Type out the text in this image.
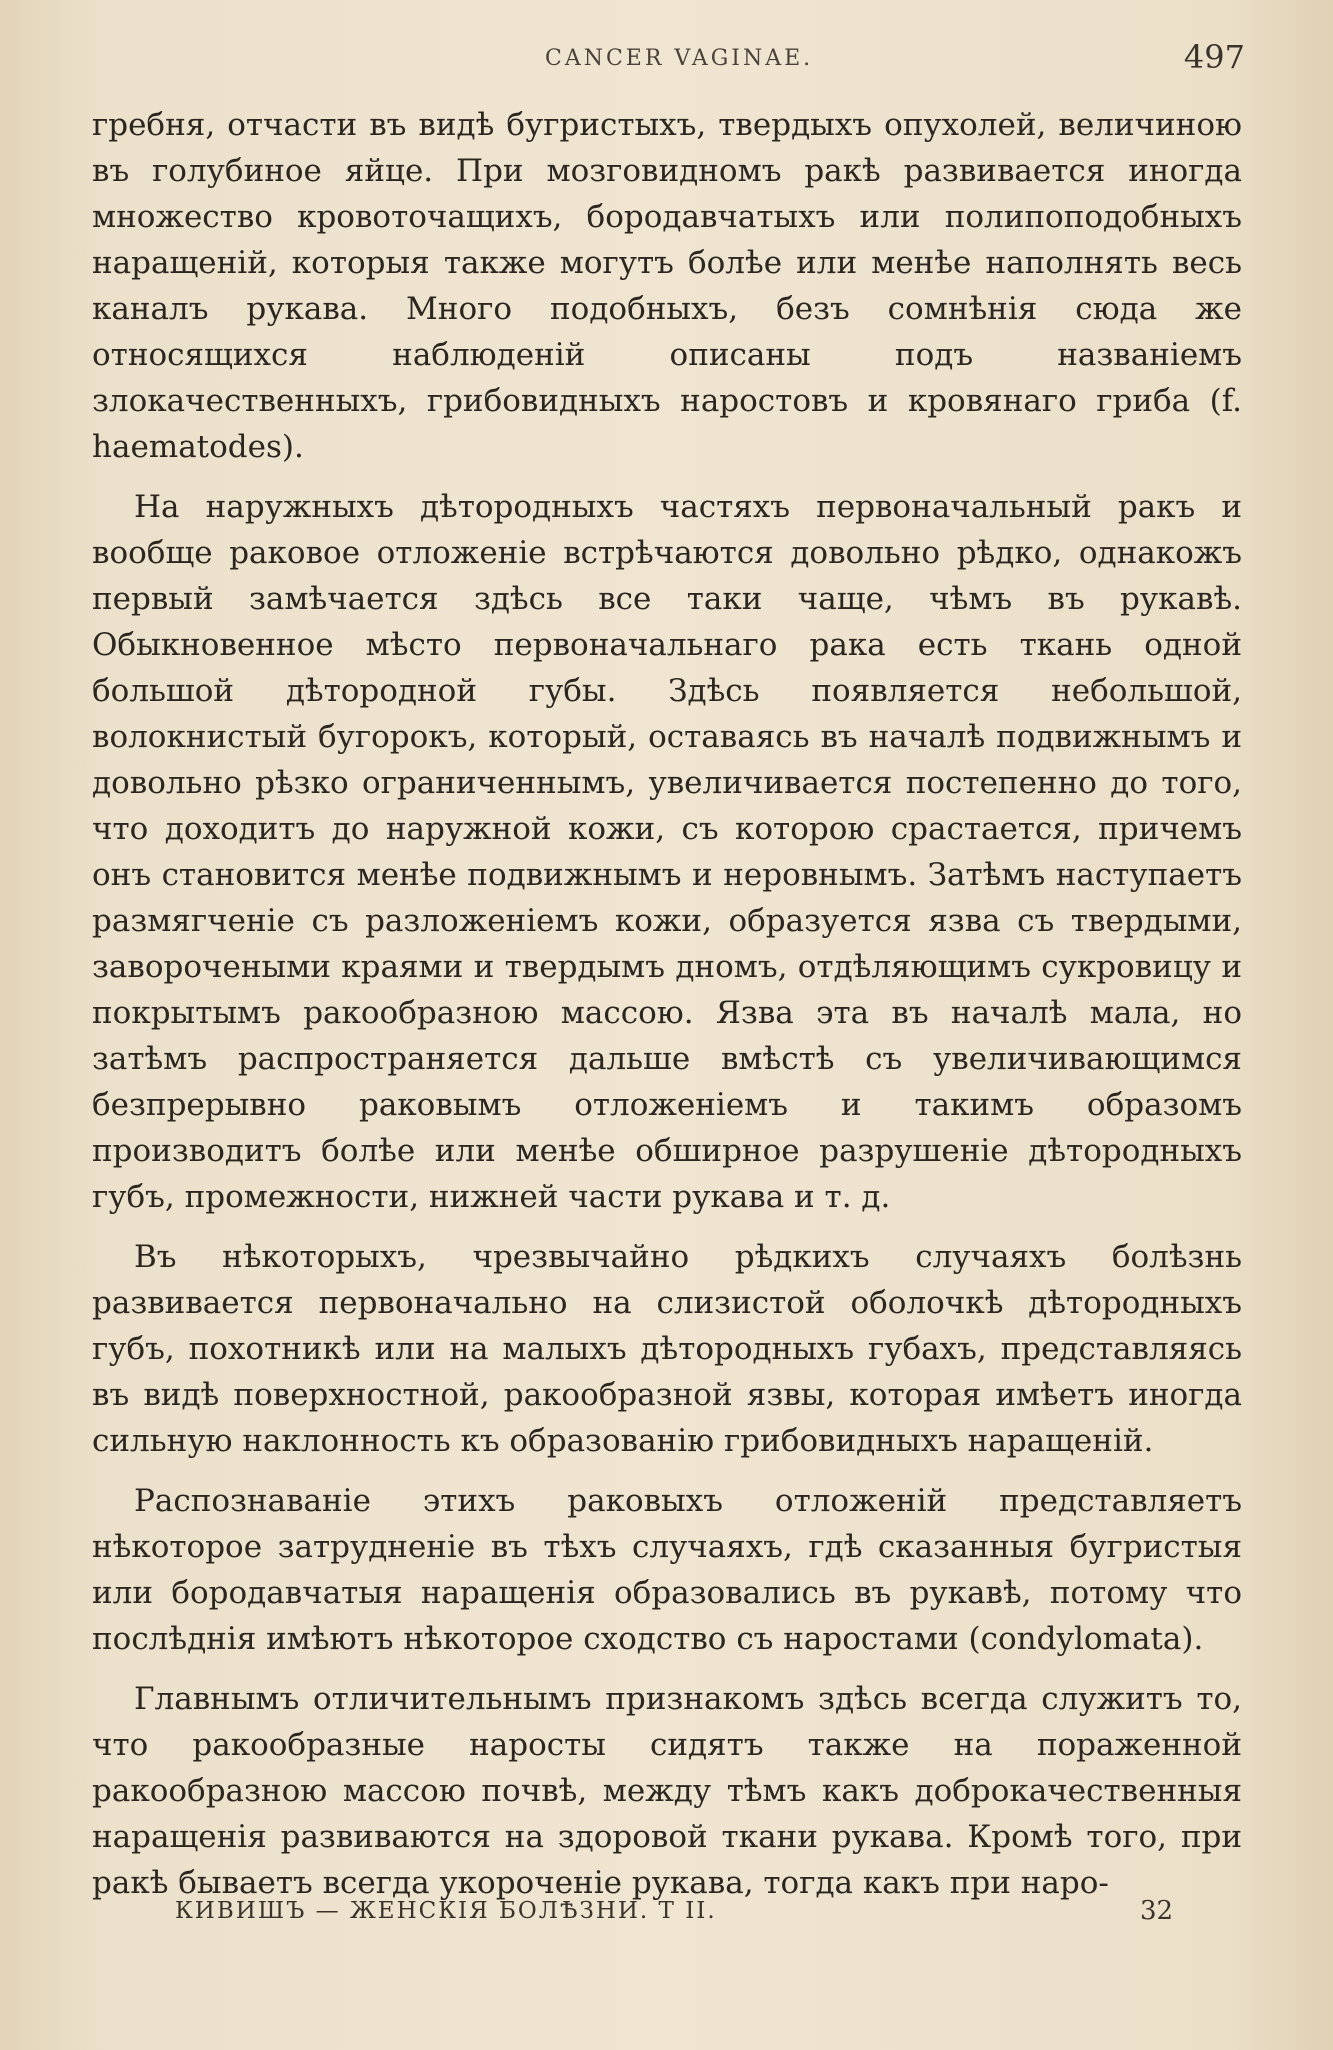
CANCER VAGINAE.	497

гребня, отчасти въ видѣ бугристыхъ, твердыхъ опухолей, величиною въ голубиное яйце. При мозговидномъ ракѣ развивается иногда множество кровоточащихъ, бородавчатыхъ или полипоподобныхъ наращеній, которыя также могутъ болѣе или менѣе наполнять весь каналъ рукава. Много подобныхъ, безъ сомнѣнія сюда же относящихся наблюденій описаны подъ названіемъ злокачественныхъ, грибовидныхъ наростовъ и кровянаго гриба (f. haematodes).

На наружныхъ дѣтородныхъ частяхъ первоначальный ракъ и вообще раковое отложеніе встрѣчаются довольно рѣдко, однакожъ первый замѣчается здѣсь все таки чаще, чѣмъ въ рукавѣ. Обыкновенное мѣсто первоначальнаго рака есть ткань одной большой дѣтородной губы. Здѣсь появляется небольшой, волокнистый бугорокъ, который, оставаясь въ началѣ подвижнымъ и довольно рѣзко ограниченнымъ, увеличивается постепенно до того, что доходитъ до наружной кожи, съ которою срастается, причемъ онъ становится менѣе подвижнымъ и неровнымъ. Затѣмъ наступаетъ размягченіе съ разложеніемъ кожи, образуется язва съ твердыми, заворочеными краями и твердымъ дномъ, отдѣляющимъ сукровицу и покрытымъ ракообразною массою. Язва эта въ началѣ мала, но затѣмъ распространяется дальше вмѣстѣ съ увеличивающимся безпрерывно раковымъ отложеніемъ и такимъ образомъ производитъ болѣе или менѣе обширное разрушеніе дѣтородныхъ губъ, промежности, нижней части рукава и т. д.

Въ нѣкоторыхъ, чрезвычайно рѣдкихъ случаяхъ болѣзнь развивается первоначально на слизистой оболочкѣ дѣтородныхъ губъ, похотникѣ или на малыхъ дѣтородныхъ губахъ, представляясь въ видѣ поверхностной, ракообразной язвы, которая имѣетъ иногда сильную наклонность къ образованію грибовидныхъ наращеній.

Распознаваніе этихъ раковыхъ отложеній представляетъ нѣкоторое затрудненіе въ тѣхъ случаяхъ, гдѣ сказанныя бугристыя или бородавчатыя наращенія образовались въ рукавѣ, потому что послѣднія имѣютъ нѣкоторое сходство съ наростами (condylomata).

Главнымъ отличительнымъ признакомъ здѣсь всегда служитъ то, что ракообразные наросты сидятъ также на пораженной ракообразною массою почвѣ, между тѣмъ какъ доброкачественныя наращенія развиваются на здоровой ткани рукава. Кромѣ того, при ракѣ бываетъ всегда укороченіе рукава, тогда какъ при наро-

КИВИШЪ — ЖЕНСКІЯ БОЛѢЗНИ. Т II.	32
